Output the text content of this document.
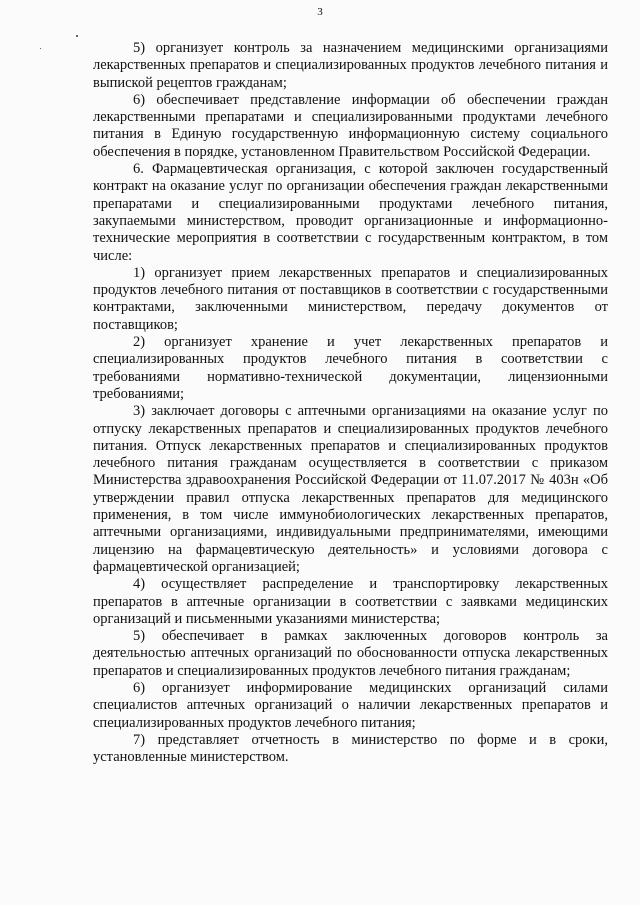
3

5) организует контроль за назначением медицинскими организациями лекарственных препаратов и специализированных продуктов лечебного питания и выпиской рецептов гражданам;

6) обеспечивает представление информации об обеспечении граждан лекарственными препаратами и специализированными продуктами лечебного питания в Единую государственную информационную систему социального обеспечения в порядке, установленном Правительством Российской Федерации.

6. Фармацевтическая организация, с которой заключен государственный контракт на оказание услуг по организации обеспечения граждан лекарственными препаратами и специализированными продуктами лечебного питания, закупаемыми министерством, проводит организационные и информационно-технические мероприятия в соответствии с государственным контрактом, в том числе:

1) организует прием лекарственных препаратов и специализированных продуктов лечебного питания от поставщиков в соответствии с государственными контрактами, заключенными министерством, передачу документов от поставщиков;

2) организует хранение и учет лекарственных препаратов и специализированных продуктов лечебного питания в соответствии с требованиями нормативно-технической документации, лицензионными требованиями;

3) заключает договоры с аптечными организациями на оказание услуг по отпуску лекарственных препаратов и специализированных продуктов лечебного питания. Отпуск лекарственных препаратов и специализированных продуктов лечебного питания гражданам осуществляется в соответствии с приказом Министерства здравоохранения Российской Федерации от 11.07.2017 № 403н «Об утверждении правил отпуска лекарственных препаратов для медицинского применения, в том числе иммунобиологических лекарственных препаратов, аптечными организациями, индивидуальными предпринимателями, имеющими лицензию на фармацевтическую деятельность» и условиями договора с фармацевтической организацией;

4) осуществляет распределение и транспортировку лекарственных препаратов в аптечные организации в соответствии с заявками медицинских организаций и письменными указаниями министерства;

5) обеспечивает в рамках заключенных договоров контроль за деятельностью аптечных организаций по обоснованности отпуска лекарственных препаратов и специализированных продуктов лечебного питания гражданам;

6) организует информирование медицинских организаций силами специалистов аптечных организаций о наличии лекарственных препаратов и специализированных продуктов лечебного питания;

7) представляет отчетность в министерство по форме и в сроки, установленные министерством.
